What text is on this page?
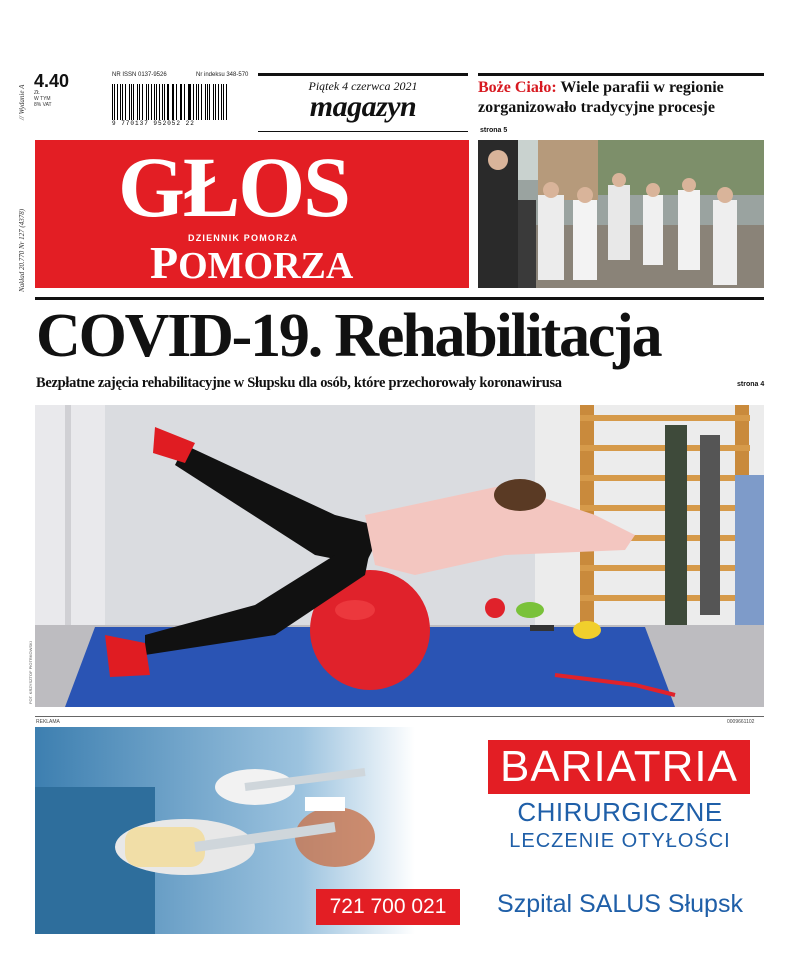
// Wydanie A
Nakład 20.770 Nr 127 (4378)
4.40
ZŁ
W TYM
8% VAT
NR ISSN 0137-9526	Nr indeksu 348-570
9 770137 952052 22
Piątek 4 czerwca 2021
magazyn
Boże Ciało: Wiele parafii w regionie zorganizowało tradycyjne procesje
strona 5
GŁOS
DZIENNIK POMORZA
POMORZA
COVID-19. Rehabilitacja
Bezpłatne zajęcia rehabilitacyjne w Słupsku dla osób, które przechorowały koronawirusa	strona 4
FOT. KRZYSZTOF PIOTRKOWSKI
REKLAMA	0009661102
BARIATRIA
CHIRURGICZNE
LECZENIE OTYŁOŚCI
721 700 021	Szpital SALUS Słupsk
